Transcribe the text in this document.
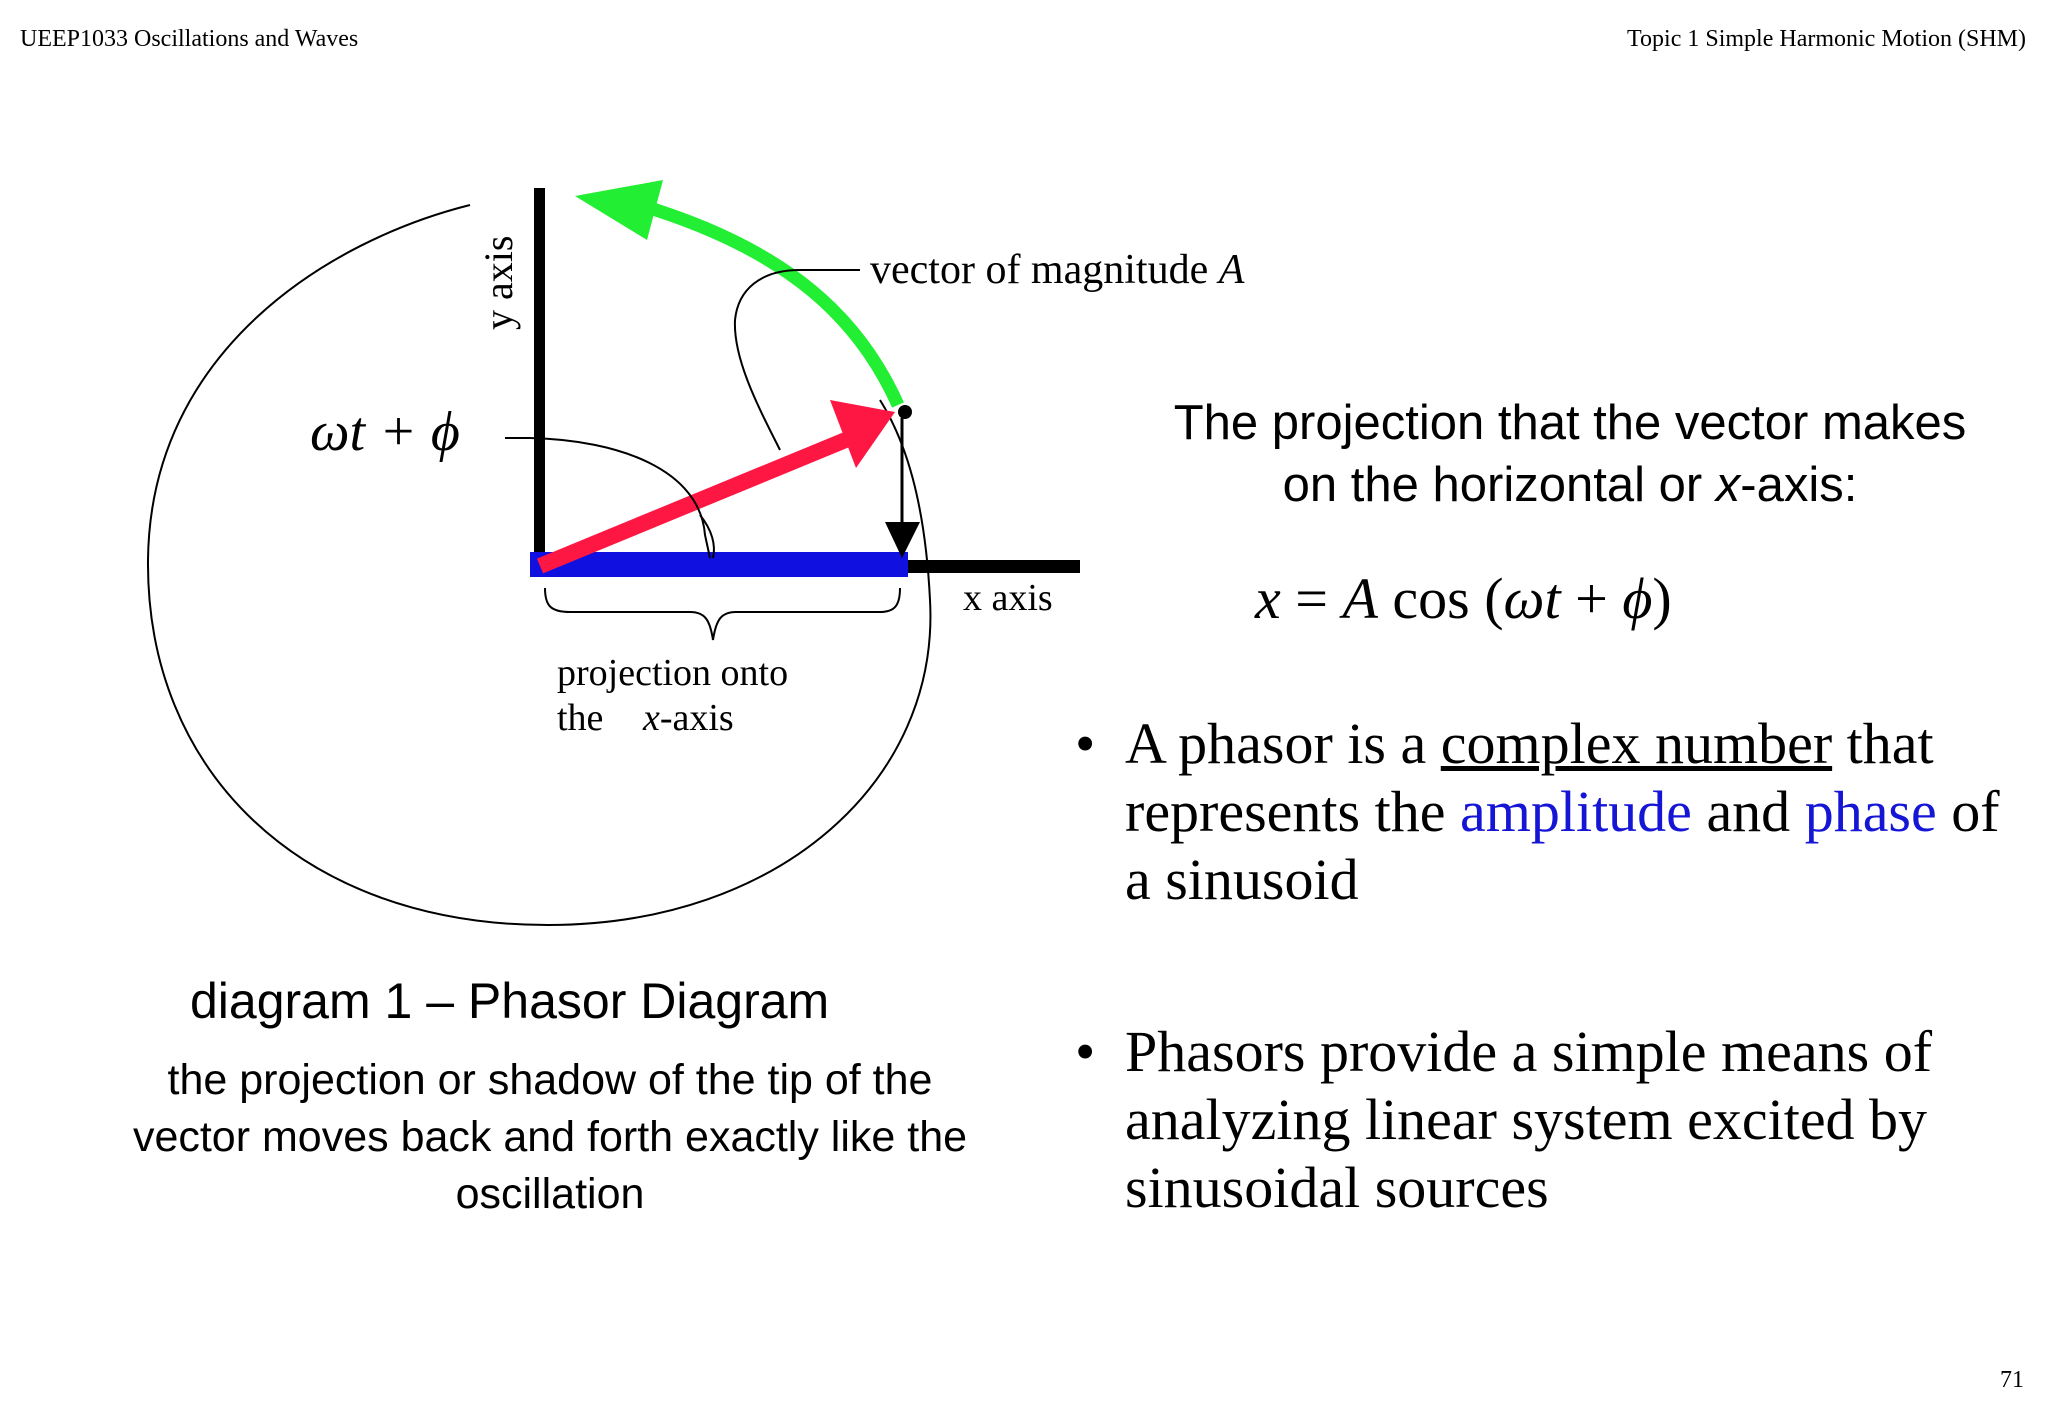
UEEP1033 Oscillations and Waves	Topic 1 Simple Harmonic Motion (SHM)
y axis
x axis
vector of magnitude A
ωt + ϕ
projection onto
the x-axis
diagram 1 – Phasor Diagram
the projection or shadow of the tip of the vector moves back and forth exactly like the oscillation
The projection that the vector makes
on the horizontal or x-axis:
x = A cos (ωt + ϕ)
• A phasor is a complex number that represents the amplitude and phase of a sinusoid
• Phasors provide a simple means of analyzing linear system excited by sinusoidal sources
71
